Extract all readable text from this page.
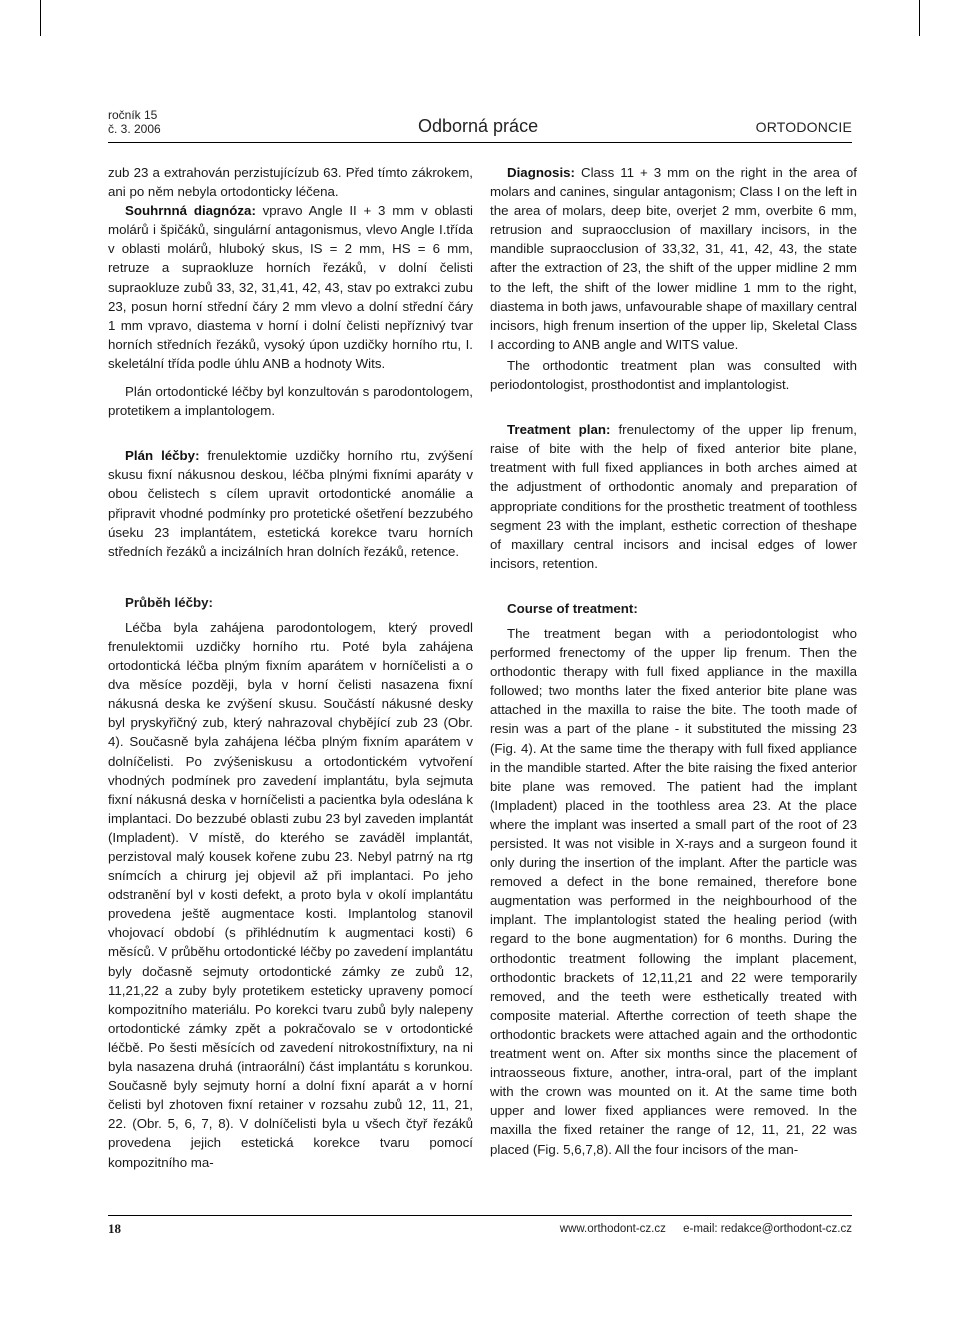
ročník 15
č. 3. 2006	Odborná práce	ORTODONCIE

zub 23 a extrahován perzistujícízub 63. Před tímto zákrokem, ani po něm nebyla ortodonticky léčena.

Souhrnná diagnóza: vpravo Angle II + 3 mm v oblasti molárů i špičáků, singulární antagonismus, vlevo Angle I.třída v oblasti molárů, hluboký skus, IS = 2 mm, HS = 6 mm, retruze a supraokluze horních řezáků, v dolní čelisti supraokluze zubů 33, 32, 31,41, 42, 43, stav po extrakci zubu 23, posun horní střední čáry 2 mm vlevo a dolní střední čáry 1 mm vpravo, diastema v horní i dolní čelisti nepříznivý tvar horních středních řezáků, vysoký úpon uzdičky horního rtu, I. skeletální třída podle úhlu ANB a hodnoty Wits.

Plán ortodontické léčby byl konzultován s parodontologem, protetikem a implantologem.

Plán léčby: frenulektomie uzdičky horního rtu, zvýšení skusu fixní nákusnou deskou, léčba plnými fixními aparáty v obou čelistech s cílem upravit ortodontické anomálie a připravit vhodné podmínky pro protetické ošetření bezzubého úseku 23 implantátem, estetická korekce tvaru horních středních řezáků a incizálních hran dolních řezáků, retence.

Průběh léčby:

Léčba byla zahájena parodontologem, který provedl frenulektomii uzdičky horního rtu. Poté byla zahájena ortodontická léčba plným fixním aparátem v horníčelisti a o dva měsíce později, byla v horní čelisti nasazena fixní nákusná deska ke zvýšení skusu. Součástí nákusné desky byl pryskyřičný zub, který nahrazoval chybějící zub 23 (Obr. 4). Současně byla zahájena léčba plným fixním aparátem v dolníčelisti. Po zvýšeniskusu a ortodontickém vytvoření vhodných podmínek pro zavedení implantátu, byla sejmuta fixní nákusná deska v horníčelisti a pacientka byla odeslána k implantaci. Do bezzubé oblasti zubu 23 byl zaveden implantát (Impladent). V místě, do kterého se zaváděl implantát, perzistoval malý kousek kořene zubu 23. Nebyl patrný na rtg snímcích a chirurg jej objevil až při implantaci. Po jeho odstranění byl v kosti defekt, a proto byla v okolí implantátu provedena ještě augmentace kosti. Implantolog stanovil vhojovací období (s přihlédnutím k augmentaci kosti) 6 měsíců. V průběhu ortodontické léčby po zavedení implantátu byly dočasně sejmuty ortodontické zámky ze zubů 12, 11,21,22 a zuby byly protetikem esteticky upraveny pomocí kompozitního materiálu. Po korekci tvaru zubů byly nalepeny ortodontické zámky zpět a pokračovalo se v ortodontické léčbě. Po šesti měsících od zavedení nitrokostnífixtury, na ni byla nasazena druhá (intraorální) část implantátu s korunkou. Současně byly sejmuty horní a dolní fixní aparát a v horní čelisti byl zhotoven fixní retainer v rozsahu zubů 12, 11, 21, 22. (Obr. 5, 6, 7, 8). V dolníčelisti byla u všech čtyř řezáků provedena jejich estetická korekce tvaru pomocí kompozitního ma-

Diagnosis: Class 11 + 3 mm on the right in the area of molars and canines, singular antagonism; Class I on the left in the area of molars, deep bite, overjet 2 mm, overbite 6 mm, retrusion and supraocclusion of maxillary incisors, in the mandible supraocclusion of 33,32, 31, 41, 42, 43, the state after the extraction of 23, the shift of the upper midline 2 mm to the left, the shift of the lower midline 1 mm to the right, diastema in both jaws, unfavourable shape of maxillary central incisors, high frenum insertion of the upper lip, Skeletal Class I according to ANB angle and WITS value.

The orthodontic treatment plan was consulted with periodontologist, prosthodontist and implantologist.

Treatment plan: frenulectomy of the upper lip frenum, raise of bite with the help of fixed anterior bite plane, treatment with full fixed appliances in both arches aimed at the adjustment of orthodontic anomaly and preparation of appropriate conditions for the prosthetic treatment of toothless segment 23 with the implant, esthetic correction of theshape of maxillary central incisors and incisal edges of lower incisors, retention.

Course of treatment:

The treatment began with a periodontologist who performed frenectomy of the upper lip frenum. Then the orthodontic therapy with full fixed appliance in the maxilla followed; two months later the fixed anterior bite plane was attached in the maxilla to raise the bite. The tooth made of resin was a part of the plane - it substituted the missing 23 (Fig. 4). At the same time the therapy with full fixed appliance in the mandible started. After the bite raising the fixed anterior bite plane was removed. The patient had the implant (Impladent) placed in the toothless area 23. At the place where the implant was inserted a small part of the root of 23 persisted. It was not visible in X-rays and a surgeon found it only during the insertion of the implant. After the particle was removed a defect in the bone remained, therefore bone augmentation was performed in the neighbourhood of the implant. The implantologist stated the healing period (with regard to the bone augmentation) for 6 months. During the orthodontic treatment following the implant placement, orthodontic brackets of 12,11,21 and 22 were temporarily removed, and the teeth were esthetically treated with composite material. Afterthe correction of teeth shape the orthodontic brackets were attached again and the orthodontic treatment went on. After six months since the placement of intraosseous fixture, another, intra-oral, part of the implant with the crown was mounted on it. At the same time both upper and lower fixed appliances were removed. In the maxilla the fixed retainer the range of 12, 11, 21, 22 was placed (Fig. 5,6,7,8). All the four incisors of the man-

18	www.orthodont-cz.cz e-mail: redakce@orthodont-cz.cz
